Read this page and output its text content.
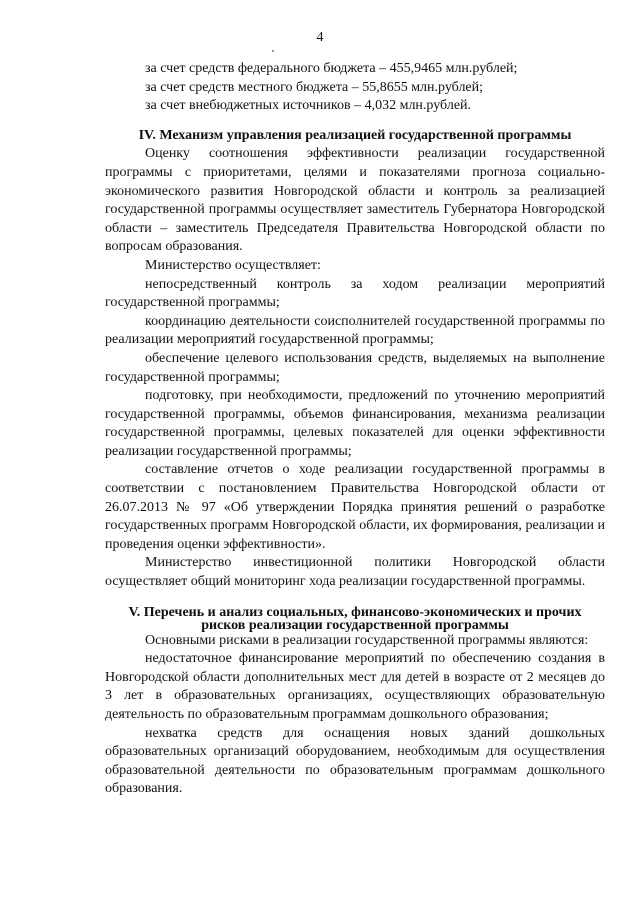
4

за счет средств федерального бюджета – 455,9465 млн.рублей;

за счет средств местного бюджета – 55,8655 млн.рублей;

за счет внебюджетных источников – 4,032 млн.рублей.

IV. Механизм управления реализацией государственной программы

Оценку соотношения эффективности реализации государственной программы с приоритетами, целями и показателями прогноза социально-экономического развития Новгородской области и контроль за реализацией государственной программы осуществляет заместитель Губернатора Новгородской области – заместитель Председателя Правительства Новгородской области по вопросам образования.

Министерство осуществляет:

непосредственный контроль за ходом реализации мероприятий государственной программы;

координацию деятельности соисполнителей государственной программы по реализации мероприятий государственной программы;

обеспечение целевого использования средств, выделяемых на выполнение государственной программы;

подготовку, при необходимости, предложений по уточнению мероприятий государственной программы, объемов финансирования, механизма реализации государственной программы, целевых показателей для оценки эффективности реализации государственной программы;

составление отчетов о ходе реализации государственной программы в соответствии с постановлением Правительства Новгородской области от 26.07.2013 № 97 «Об утверждении Порядка принятия решений о разработке государственных программ Новгородской области, их формирования, реализации и проведения оценки эффективности».

Министерство инвестиционной политики Новгородской области осуществляет общий мониторинг хода реализации государственной программы.

V. Перечень и анализ социальных, финансово-экономических и прочих рисков реализации государственной программы

Основными рисками в реализации государственной программы являются:

недостаточное финансирование мероприятий по обеспечению создания в Новгородской области дополнительных мест для детей в возрасте от 2 месяцев до 3 лет в образовательных организациях, осуществляющих образовательную деятельность по образовательным программам дошкольного образования;

нехватка средств для оснащения новых зданий дошкольных образовательных организаций оборудованием, необходимым для осуществления образовательной деятельности по образовательным программам дошкольного образования.
